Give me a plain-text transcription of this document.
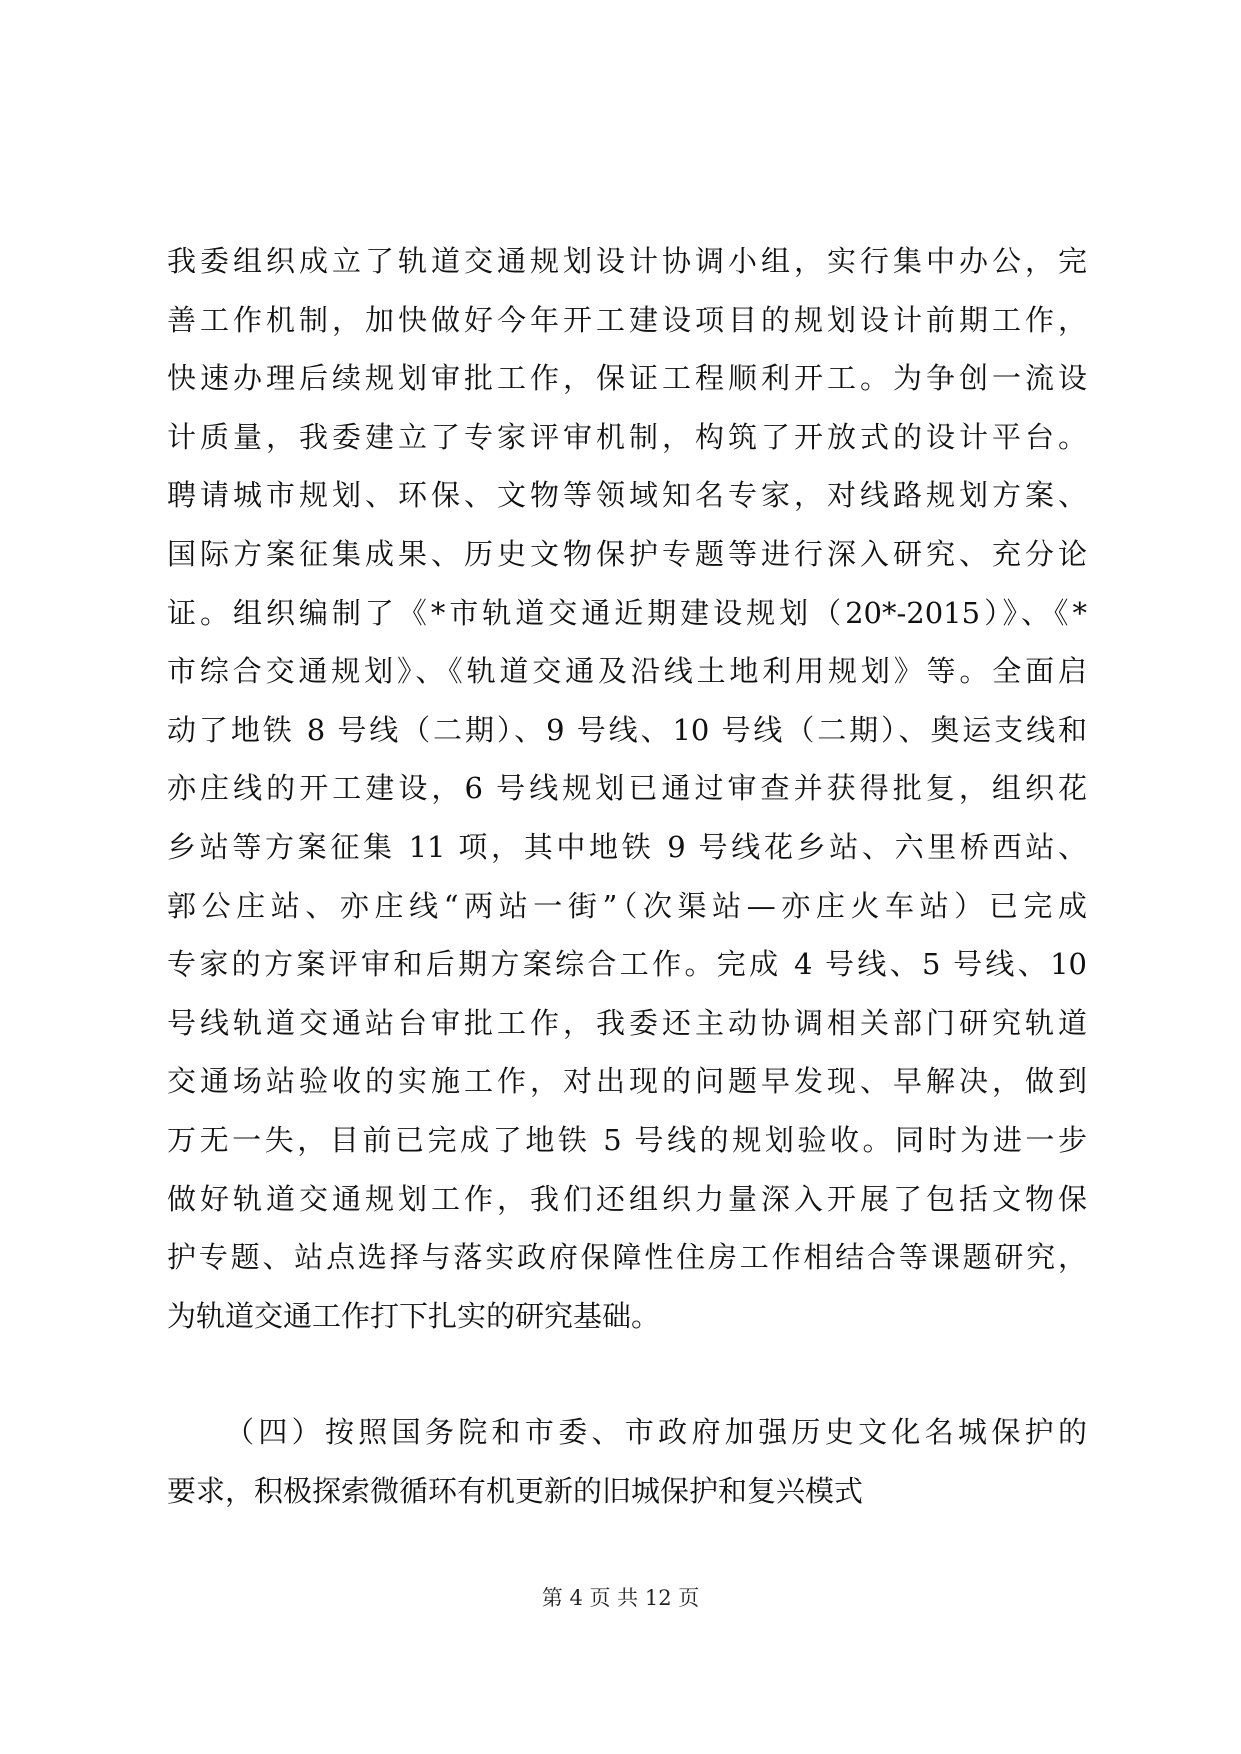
我委组织成立了轨道交通规划设计协调小组，实行集中办公，完
善工作机制，加快做好今年开工建设项目的规划设计前期工作，
快速办理后续规划审批工作，保证工程顺利开工。为争创一流设
计质量，我委建立了专家评审机制，构筑了开放式的设计平台。
聘请城市规划、环保、文物等领域知名专家，对线路规划方案、
国际方案征集成果、历史文物保护专题等进行深入研究、充分论
证。组织编制了《*市轨道交通近期建设规划（20*-2015）》、《*
市综合交通规划》、《轨道交通及沿线土地利用规划》等。全面启
动了地铁 8 号线（二期）、9 号线、10 号线（二期）、奥运支线和
亦庄线的开工建设，6 号线规划已通过审查并获得批复，组织花
乡站等方案征集 11 项，其中地铁 9 号线花乡站、六里桥西站、
郭公庄站、亦庄线“两站一街”（次渠站—亦庄火车站）已完成
专家的方案评审和后期方案综合工作。完成 4 号线、5 号线、10
号线轨道交通站台审批工作，我委还主动协调相关部门研究轨道
交通场站验收的实施工作，对出现的问题早发现、早解决，做到
万无一失，目前已完成了地铁 5 号线的规划验收。同时为进一步
做好轨道交通规划工作，我们还组织力量深入开展了包括文物保
护专题、站点选择与落实政府保障性住房工作相结合等课题研究，
为轨道交通工作打下扎实的研究基础。
（四）按照国务院和市委、市政府加强历史文化名城保护的
要求，积极探索微循环有机更新的旧城保护和复兴模式
第 4 页 共 12 页
